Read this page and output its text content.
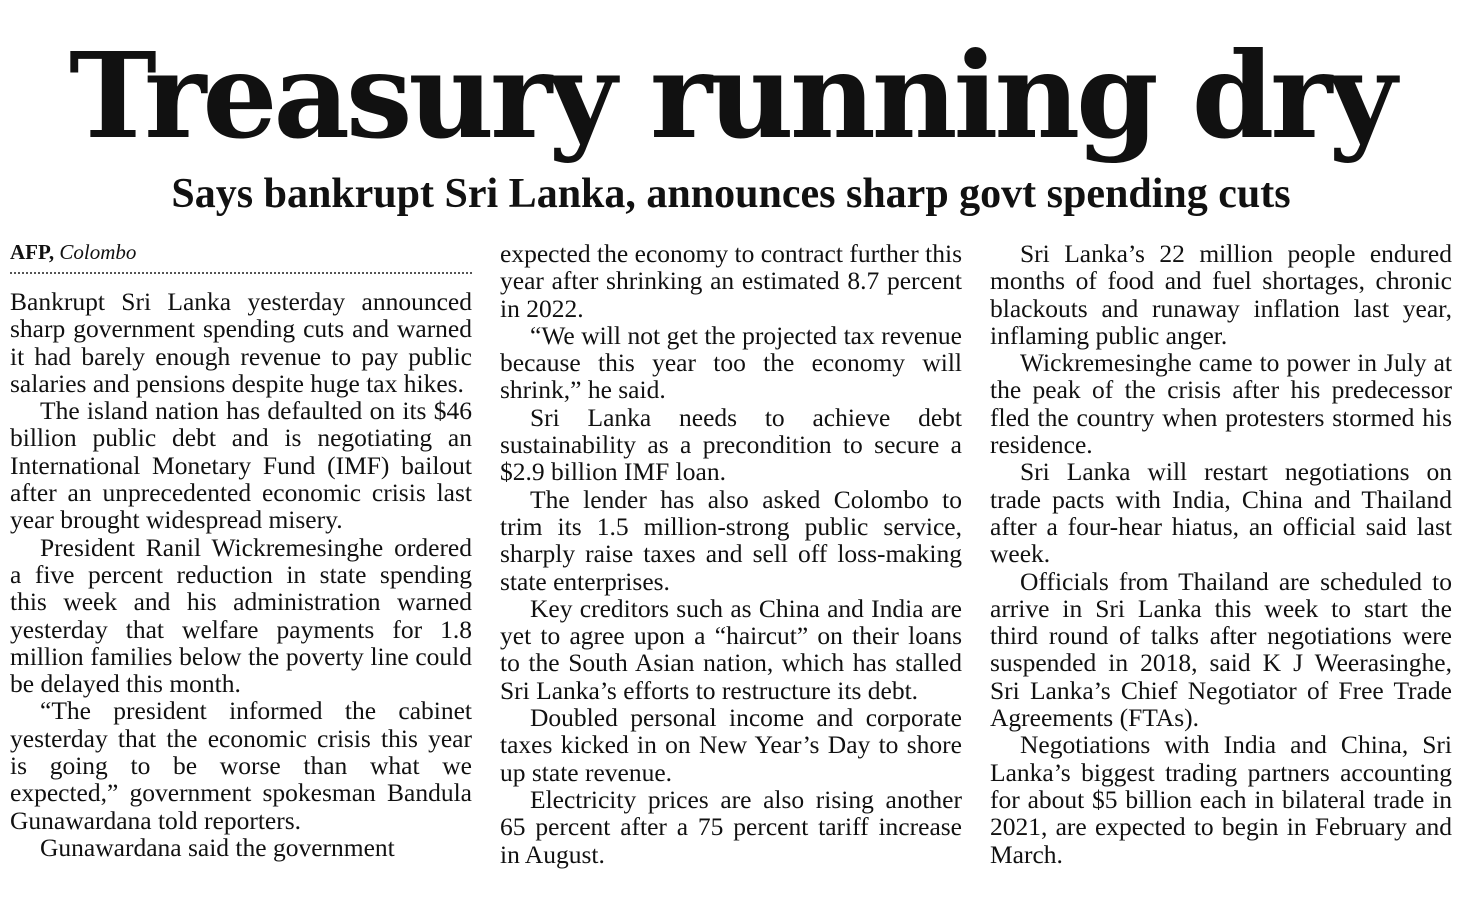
Treasury running dry
Says bankrupt Sri Lanka, announces sharp govt spending cuts
AFP, Colombo

Bankrupt Sri Lanka yesterday announced sharp government spending cuts and warned it had barely enough revenue to pay public salaries and pensions despite huge tax hikes.

The island nation has defaulted on its $46 billion public debt and is negotiating an International Monetary Fund (IMF) bailout after an unprecedented economic crisis last year brought widespread misery.

President Ranil Wickremesinghe ordered a five percent reduction in state spending this week and his administration warned yesterday that welfare payments for 1.8 million families below the poverty line could be delayed this month.

“The president informed the cabinet yesterday that the economic crisis this year is going to be worse than what we expected,” government spokesman Bandula Gunawardana told reporters.

Gunawardana said the government

expected the economy to contract further this year after shrinking an estimated 8.7 percent in 2022.

“We will not get the projected tax revenue because this year too the economy will shrink,” he said.

Sri Lanka needs to achieve debt sustainability as a precondition to secure a $2.9 billion IMF loan.

The lender has also asked Colombo to trim its 1.5 million-strong public service, sharply raise taxes and sell off loss-making state enterprises.

Key creditors such as China and India are yet to agree upon a “haircut” on their loans to the South Asian nation, which has stalled Sri Lanka’s efforts to restructure its debt.

Doubled personal income and corporate taxes kicked in on New Year’s Day to shore up state revenue.

Electricity prices are also rising another 65 percent after a 75 percent tariff increase in August.

Sri Lanka’s 22 million people endured months of food and fuel shortages, chronic blackouts and runaway inflation last year, inflaming public anger.

Wickremesinghe came to power in July at the peak of the crisis after his predecessor fled the country when protesters stormed his residence.

Sri Lanka will restart negotiations on trade pacts with India, China and Thailand after a four-hear hiatus, an official said last week.

Officials from Thailand are scheduled to arrive in Sri Lanka this week to start the third round of talks after negotiations were suspended in 2018, said K J Weerasinghe, Sri Lanka’s Chief Negotiator of Free Trade Agreements (FTAs).

Negotiations with India and China, Sri Lanka’s biggest trading partners accounting for about $5 billion each in bilateral trade in 2021, are expected to begin in February and March.
